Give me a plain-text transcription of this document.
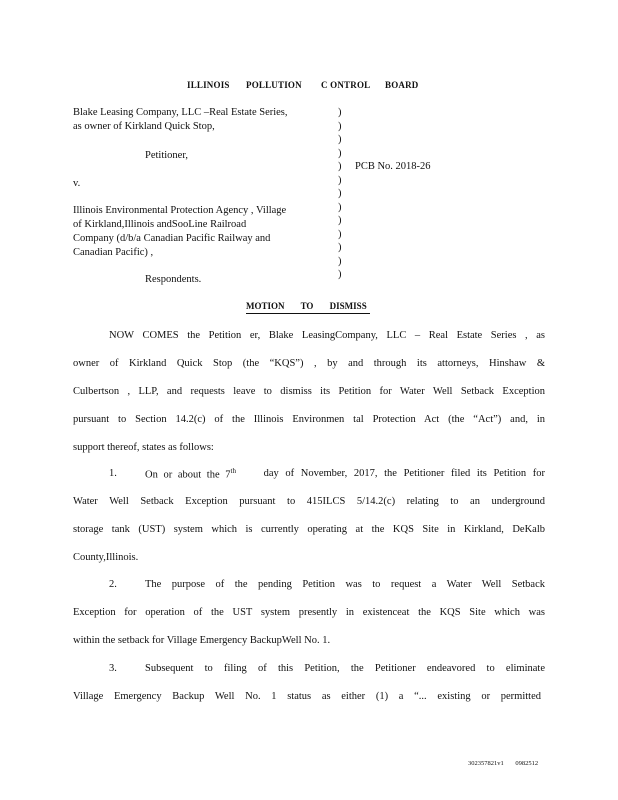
ILLINOIS POLLUTION C ONTROL BOARD
Blake Leasing Company, LLC –Real Estate Series,
as owner of Kirkland Quick Stop,
Petitioner,
v.
Illinois Environmental Protection Agency , Village
of Kirkland,Illinois andSooLine Railroad
Company (d/b/a Canadian Pacific Railway and
Canadian Pacific) ,
Respondents.
)
)
)
)
)
)
)
)
)
)
)
)
)
PCB No. 2018-26
MOTION TO DISMISS
NOW COMES the Petition er, Blake LeasingCompany, LLC – Real Estate Series , as
owner of Kirkland Quick Stop (the “KQS”) , by and through its attorneys, Hinshaw &
Culbertson , LLP, and requests leave to dismiss its Petition for Water Well Setback Exception
pursuant to Section 14.2(c) of the Illinois Environmen tal Protection Act (the “Act”) and, in
support thereof, states as follows:
1.	On or about the 7th	day of November, 2017, the Petitioner filed its Petition for
Water Well Setback Exception pursuant to 415ILCS 5/14.2(c) relating to an underground
storage tank (UST) system which is currently operating at the KQS Site in Kirkland, DeKalb
County,Illinois.
2.	The purpose of the pending Petition was to request a Water Well Setback
Exception for operation of the UST system presently in existenceat the KQS Site which was
within the setback for Village Emergency BackupWell No. 1.
3.	Subsequent to filing of this Petition, the Petitioner endeavored to eliminate
Village Emergency Backup Well No. 1 status as either (1) a “... existing or permitted
302357821v1 0982512
